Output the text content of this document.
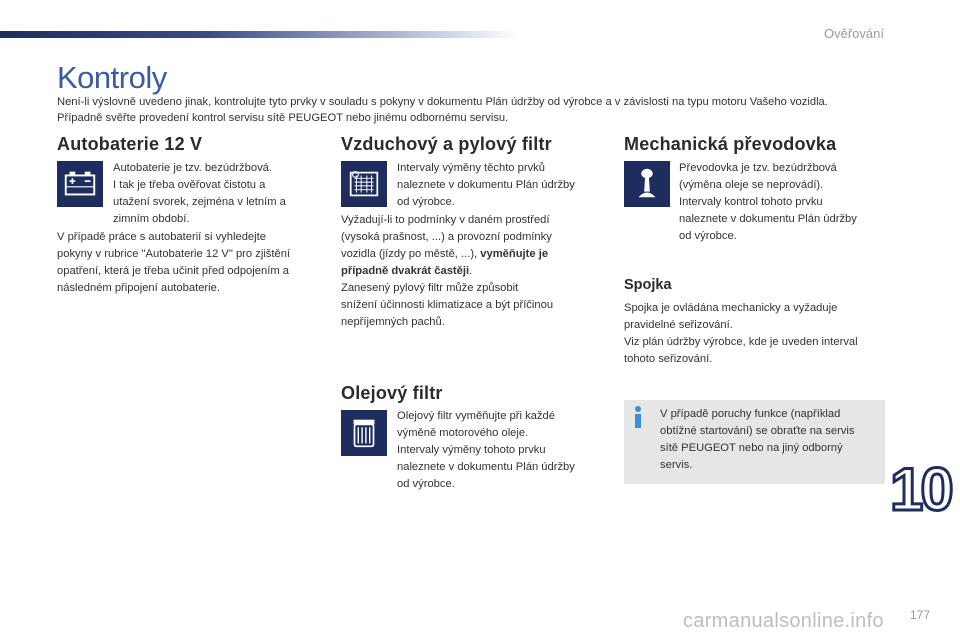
Ověřování
Kontroly

Není-li výslovně uvedeno jinak, kontrolujte tyto prvky v souladu s pokyny v dokumentu Plán údržby od výrobce a v závislosti na typu motoru Vašeho vozidla.

Případně svěřte provedení kontrol servisu sítě PEUGEOT nebo jinému odbornému servisu.

Autobaterie 12 V

Autobaterie je tzv. bezúdržbová.

I tak je třeba ověřovat čistotu a

utažení svorek, zejména v letním a

zimním období.

V případě práce s autobaterií si vyhledejte

pokyny v rubrice "Autobaterie 12 V" pro zjištění

opatření, která je třeba učinit před odpojením a

následném připojení autobaterie.

Vzduchový a pylový filtr

Intervaly výměny těchto prvků

naleznete v dokumentu Plán údržby

od výrobce.

Vyžadují-li to podmínky v daném prostředí

(vysoká prašnost, ...) a provozní podmínky

vozidla (jízdy po městě, ...), vyměňujte je

případně dvakrát častěji.

Zanesený pylový filtr může způsobit

snížení účinnosti klimatizace a být příčinou

nepříjemných pachů.

Olejový filtr

Olejový filtr vyměňujte při každé

výměně motorového oleje.

Intervaly výměny tohoto prvku

naleznete v dokumentu Plán údržby

od výrobce.

Mechanická převodovka

Převodovka je tzv. bezúdržbová

(výměna oleje se neprovádí).

Intervaly kontrol tohoto prvku

naleznete v dokumentu Plán údržby

od výrobce.

Spojka

Spojka je ovládána mechanicky a vyžaduje

pravidelné seřizování.

Viz plán údržby výrobce, kde je uveden interval

tohoto seřizování.

V případě poruchy funkce (například

obtížné startování) se obraťte na servis

sítě PEUGEOT nebo na jiný odborný

servis.	10
carmanualsonline.info 177
